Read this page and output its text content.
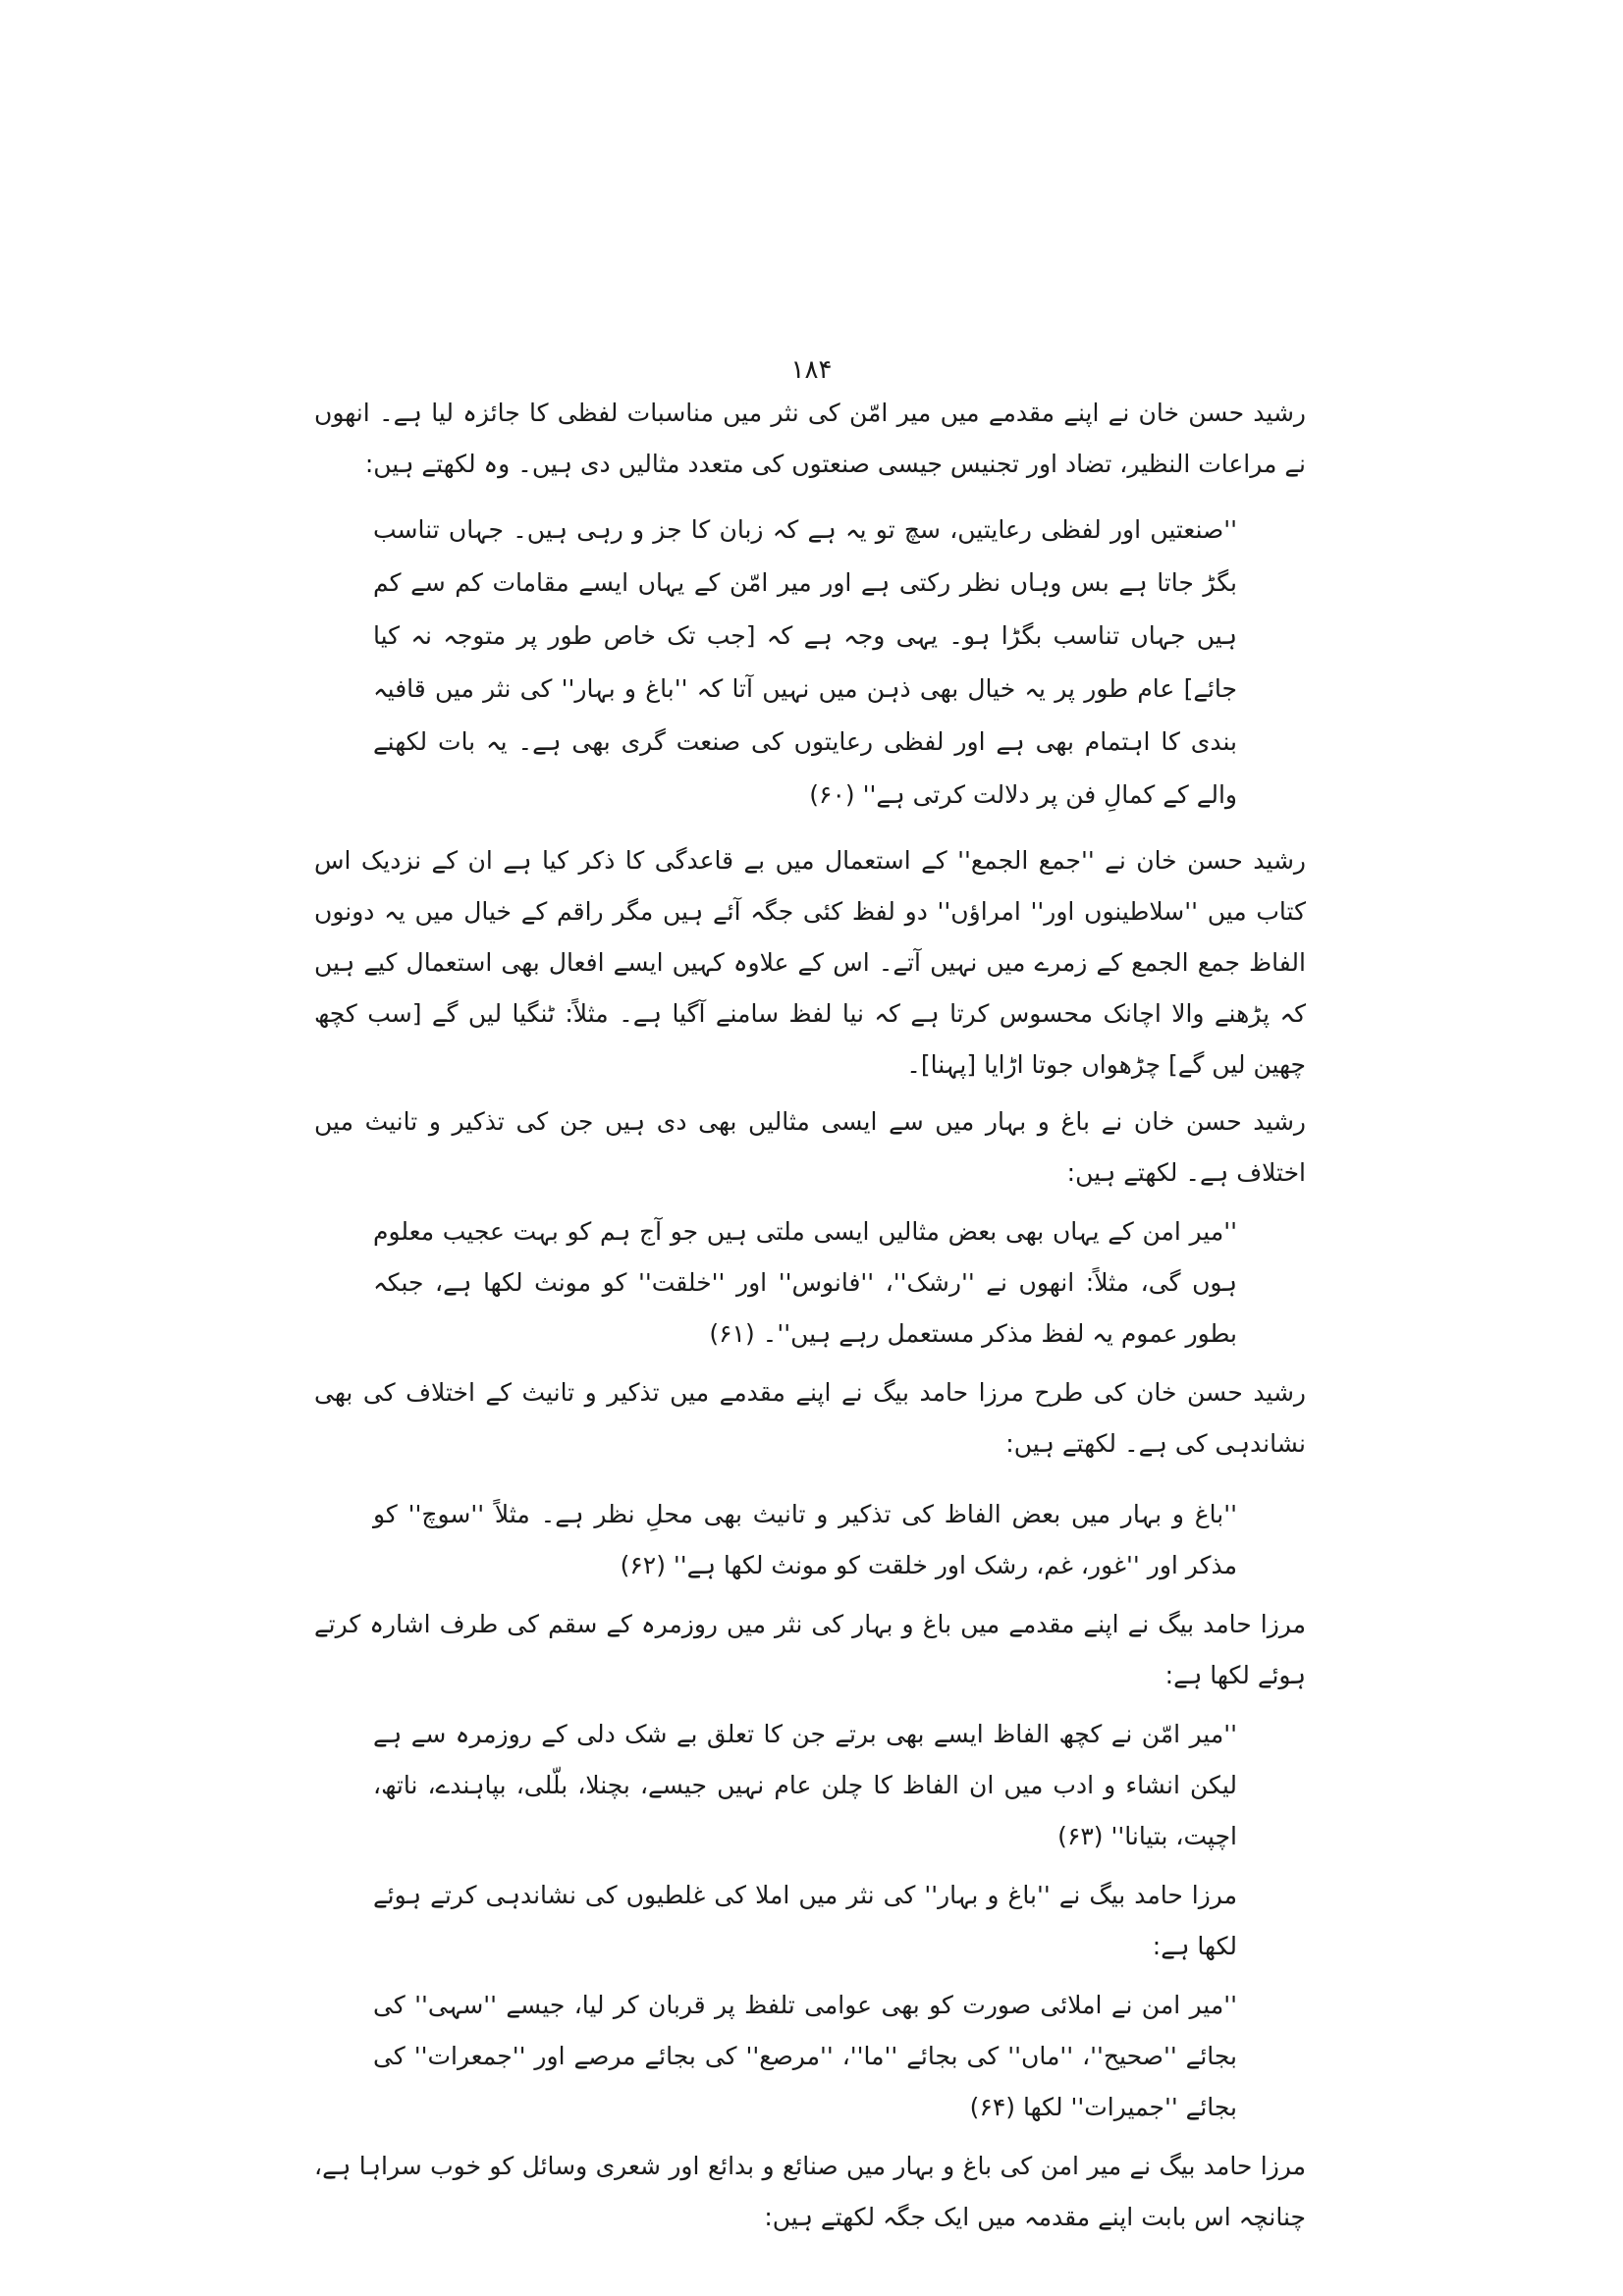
۱۸۴

رشید حسن خان نے اپنے مقدمے میں میر امّن کی نثر میں مناسبات لفظی کا جائزہ لیا ہے۔ انھوں نے مراعات النظیر، تضاد اور تجنیس جیسی صنعتوں کی متعدد مثالیں دی ہیں۔ وہ لکھتے ہیں:

''صنعتیں اور لفظی رعایتیں، سچ تو یہ ہے کہ زبان کا جز و رہی ہیں۔ جہاں تناسب بگڑ جاتا ہے بس وہاں نظر رکتی ہے اور میر امّن کے یہاں ایسے مقامات کم سے کم ہیں جہاں تناسب بگڑا ہو۔ یہی وجہ ہے کہ [جب تک خاص طور پر متوجہ نہ کیا جائے] عام طور پر یہ خیال بھی ذہن میں نہیں آتا کہ ''باغ و بہار'' کی نثر میں قافیہ بندی کا اہتمام بھی ہے اور لفظی رعایتوں کی صنعت گری بھی ہے۔ یہ بات لکھنے والے کے کمالِ فن پر دلالت کرتی ہے'' (۶۰)

رشید حسن خان نے ''جمع الجمع'' کے استعمال میں بے قاعدگی کا ذکر کیا ہے ان کے نزدیک اس کتاب میں ''سلاطینوں اور'' امراؤں'' دو لفظ کئی جگہ آئے ہیں مگر راقم کے خیال میں یہ دونوں الفاظ جمع الجمع کے زمرے میں نہیں آتے۔ اس کے علاوہ کہیں ایسے افعال بھی استعمال کیے ہیں کہ پڑھنے والا اچانک محسوس کرتا ہے کہ نیا لفظ سامنے آگیا ہے۔ مثلاً: ٹنگیا لیں گے [سب کچھ چھین لیں گے] چڑھواں جوتا اڑایا [پہنا]۔

رشید حسن خان نے باغ و بہار میں سے ایسی مثالیں بھی دی ہیں جن کی تذکیر و تانیث میں اختلاف ہے۔ لکھتے ہیں:

''میر امن کے یہاں بھی بعض مثالیں ایسی ملتی ہیں جو آج ہم کو بہت عجیب معلوم ہوں گی، مثلاً: انھوں نے ''رشک''، ''فانوس'' اور ''خلقت'' کو مونث لکھا ہے، جبکہ بطور عموم یہ لفظ مذکر مستعمل رہے ہیں''۔ (۶۱)

رشید حسن خان کی طرح مرزا حامد بیگ نے اپنے مقدمے میں تذکیر و تانیث کے اختلاف کی بھی نشاندہی کی ہے۔ لکھتے ہیں:

''باغ و بہار میں بعض الفاظ کی تذکیر و تانیث بھی محلِ نظر ہے۔ مثلاً ''سوچ'' کو مذکر اور ''غور، غم، رشک اور خلقت کو مونث لکھا ہے'' (۶۲)

مرزا حامد بیگ نے اپنے مقدمے میں باغ و بہار کی نثر میں روزمرہ کے سقم کی طرف اشارہ کرتے ہوئے لکھا ہے:

''میر امّن نے کچھ الفاظ ایسے بھی برتے جن کا تعلق بے شک دلی کے روزمرہ سے ہے لیکن انشاء و ادب میں ان الفاظ کا چلن عام نہیں جیسے، بچنلا، بلّلی، بپاہندے، ناتھ، اچپت، بتیانا'' (۶۳)

مرزا حامد بیگ نے ''باغ و بہار'' کی نثر میں املا کی غلطیوں کی نشاندہی کرتے ہوئے لکھا ہے:

''میر امن نے املائی صورت کو بھی عوامی تلفظ پر قربان کر لیا، جیسے ''سہی'' کی بجائے ''صحیح''، ''ماں'' کی بجائے ''ما''، ''مرصع'' کی بجائے مرصے اور ''جمعرات'' کی بجائے ''جمیرات'' لکھا (۶۴)

مرزا حامد بیگ نے میر امن کی باغ و بہار میں صنائع و بدائع اور شعری وسائل کو خوب سراہا ہے، چنانچہ اس بابت اپنے مقدمہ میں ایک جگہ لکھتے ہیں:
